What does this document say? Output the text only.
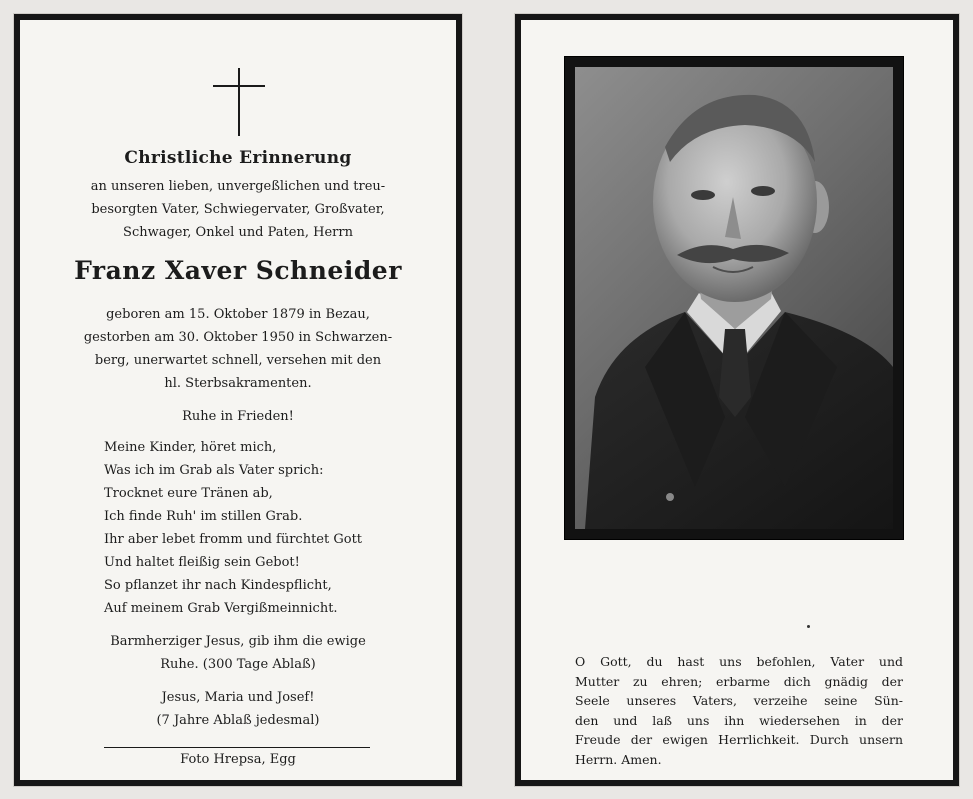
Christliche Erinnerung
an unseren lieben, unvergeßlichen und treu-
besorgten Vater, Schwiegervater, Großvater,
Schwager, Onkel und Paten, Herrn
Franz Xaver Schneider
geboren am 15. Oktober 1879 in Bezau,
gestorben am 30. Oktober 1950 in Schwarzen-
berg, unerwartet schnell, versehen mit den
hl. Sterbsakramenten.
Ruhe in Frieden!
Meine Kinder, höret mich,
Was ich im Grab als Vater sprich:
Trocknet eure Tränen ab,
Ich finde Ruh' im stillen Grab.
Ihr aber lebet fromm und fürchtet Gott
Und haltet fleißig sein Gebot!
So pflanzet ihr nach Kindespflicht,
Auf meinem Grab Vergißmeinnicht.
Barmherziger Jesus, gib ihm die ewige
Ruhe. (300 Tage Ablaß)
Jesus, Maria und Josef!
(7 Jahre Ablaß jedesmal)
Foto Hrepsa, Egg
O Gott, du hast uns befohlen, Vater und
Mutter zu ehren; erbarme dich gnädig der
Seele unseres Vaters, verzeihe seine Sün-
den und laß uns ihn wiedersehen in der
Freude der ewigen Herrlichkeit. Durch unsern
Herrn. Amen.
